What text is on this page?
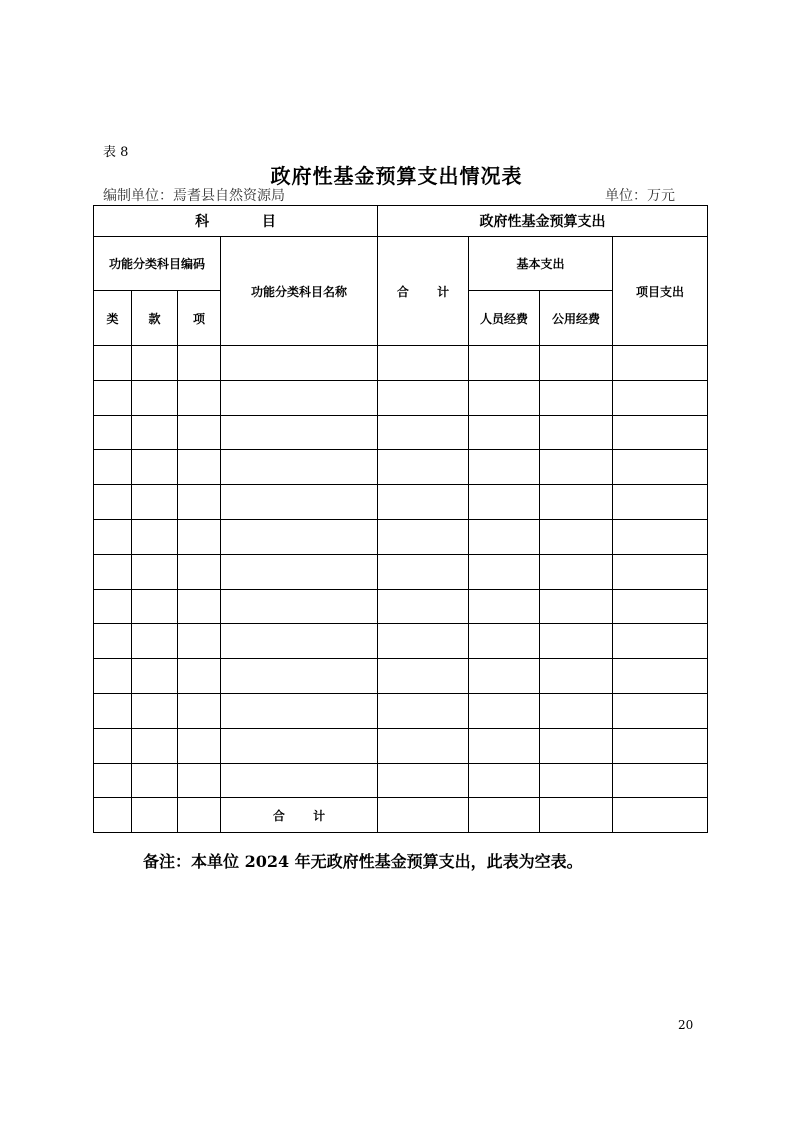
表 8
政府性基金预算支出情况表
编制单位：焉耆县自然资源局	单位：万元
科 目				政府性基金预算支出			
功能分类科目编码			功能分类科目名称	合 计	基本支出		项目支出
类	款	项			人员经费	公用经费	

			合 计				
备注：本单位 2024 年无政府性基金预算支出，此表为空表。
20
